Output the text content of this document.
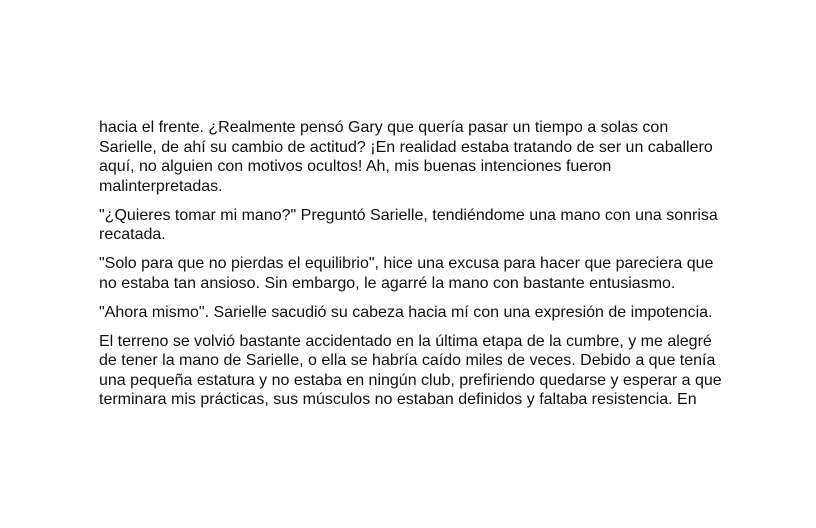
hacia el frente. ¿Realmente pensó Gary que quería pasar un tiempo a solas con
Sarielle, de ahí su cambio de actitud? ¡En realidad estaba tratando de ser un caballero
aquí, no alguien con motivos ocultos! Ah, mis buenas intenciones fueron
malinterpretadas.

"¿Quieres tomar mi mano?" Preguntó Sarielle, tendiéndome una mano con una sonrisa
recatada.

"Solo para que no pierdas el equilibrio", hice una excusa para hacer que pareciera que
no estaba tan ansioso. Sin embargo, le agarré la mano con bastante entusiasmo.

"Ahora mismo". Sarielle sacudió su cabeza hacia mí con una expresión de impotencia.

El terreno se volvió bastante accidentado en la última etapa de la cumbre, y me alegré
de tener la mano de Sarielle, o ella se habría caído miles de veces. Debido a que tenía
una pequeña estatura y no estaba en ningún club, prefiriendo quedarse y esperar a que
terminara mis prácticas, sus músculos no estaban definidos y faltaba resistencia. En
